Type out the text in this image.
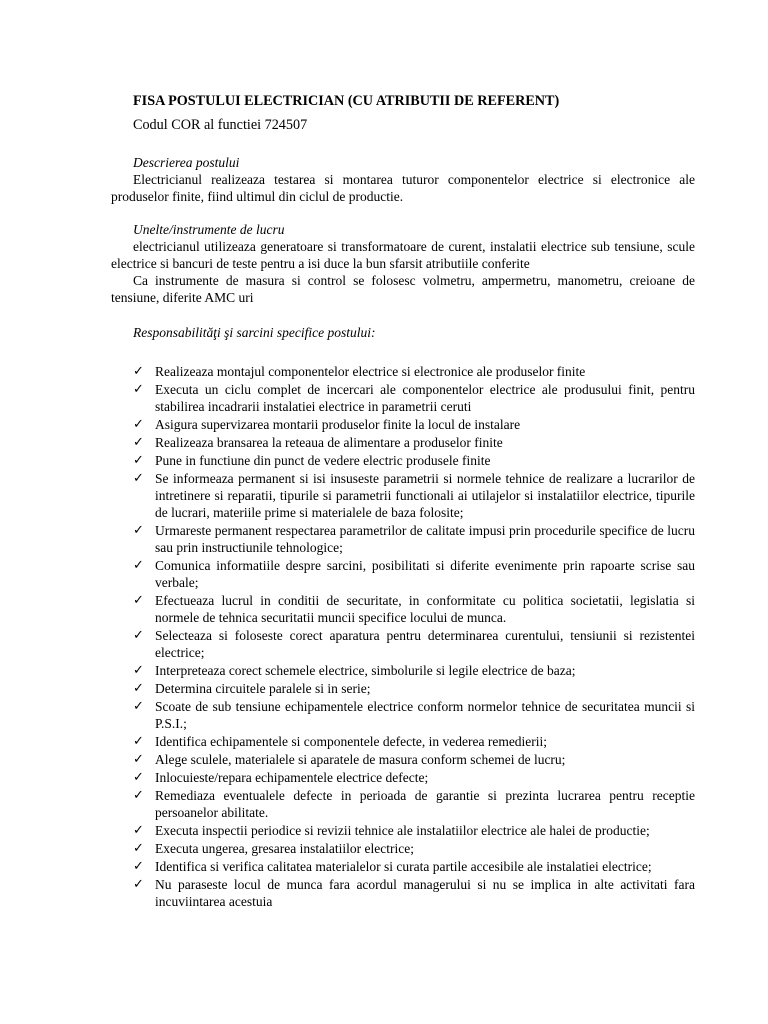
FISA POSTULUI ELECTRICIAN (CU ATRIBUTII DE REFERENT)
Codul COR al functiei 724507
Descrierea postului

Electricianul realizeaza testarea si montarea tuturor componentelor electrice si electronice ale produselor finite, fiind ultimul din ciclul de productie.

Unelte/instrumente de lucru

electricianul utilizeaza generatoare si transformatoare de curent, instalatii electrice sub tensiune, scule electrice si bancuri de teste pentru a isi duce la bun sfarsit atributiile conferite

Ca instrumente de masura si control se folosesc volmetru, ampermetru, manometru, creioane de tensiune, diferite AMC uri

Responsabilităţi şi sarcini specifice postului:
✓ Realizeaza montajul componentelor electrice si electronice ale produselor finite
✓ Executa un ciclu complet de incercari ale componentelor electrice ale produsului finit, pentru stabilirea incadrarii instalatiei electrice in parametrii ceruti
✓ Asigura supervizarea montarii produselor finite la locul de instalare
✓ Realizeaza bransarea la reteaua de alimentare a produselor finite
✓ Pune in functiune din punct de vedere electric produsele finite
✓ Se informeaza permanent si isi insuseste parametrii si normele tehnice de realizare a lucrarilor de intretinere si reparatii, tipurile si parametrii functionali ai utilajelor si instalatiilor electrice, tipurile de lucrari, materiile prime si materialele de baza folosite;
✓ Urmareste permanent respectarea parametrilor de calitate impusi prin procedurile specifice de lucru sau prin instructiunile tehnologice;
✓ Comunica informatiile despre sarcini, posibilitati si diferite evenimente prin rapoarte scrise sau verbale;
✓ Efectueaza lucrul in conditii de securitate, in conformitate cu politica societatii, legislatia si normele de tehnica securitatii muncii specifice locului de munca.
✓ Selecteaza si foloseste corect aparatura pentru determinarea curentului, tensiunii si rezistentei electrice;
✓ Interpreteaza corect schemele electrice, simbolurile si legile electrice de baza;
✓ Determina circuitele paralele si in serie;
✓ Scoate de sub tensiune echipamentele electrice conform normelor tehnice de securitatea muncii si P.S.I.;
✓ Identifica echipamentele si componentele defecte, in vederea remedierii;
✓ Alege sculele, materialele si aparatele de masura conform schemei de lucru;
✓ Inlocuieste/repara echipamentele electrice defecte;
✓ Remediaza eventualele defecte in perioada de garantie si prezinta lucrarea pentru receptie persoanelor abilitate.
✓ Executa inspectii periodice si revizii tehnice ale instalatiilor electrice ale halei de productie;
✓ Executa ungerea, gresarea instalatiilor electrice;
✓ Identifica si verifica calitatea materialelor si curata partile accesibile ale instalatiei electrice;
✓ Nu paraseste locul de munca fara acordul managerului si nu se implica in alte activitati fara incuviintarea acestuia
